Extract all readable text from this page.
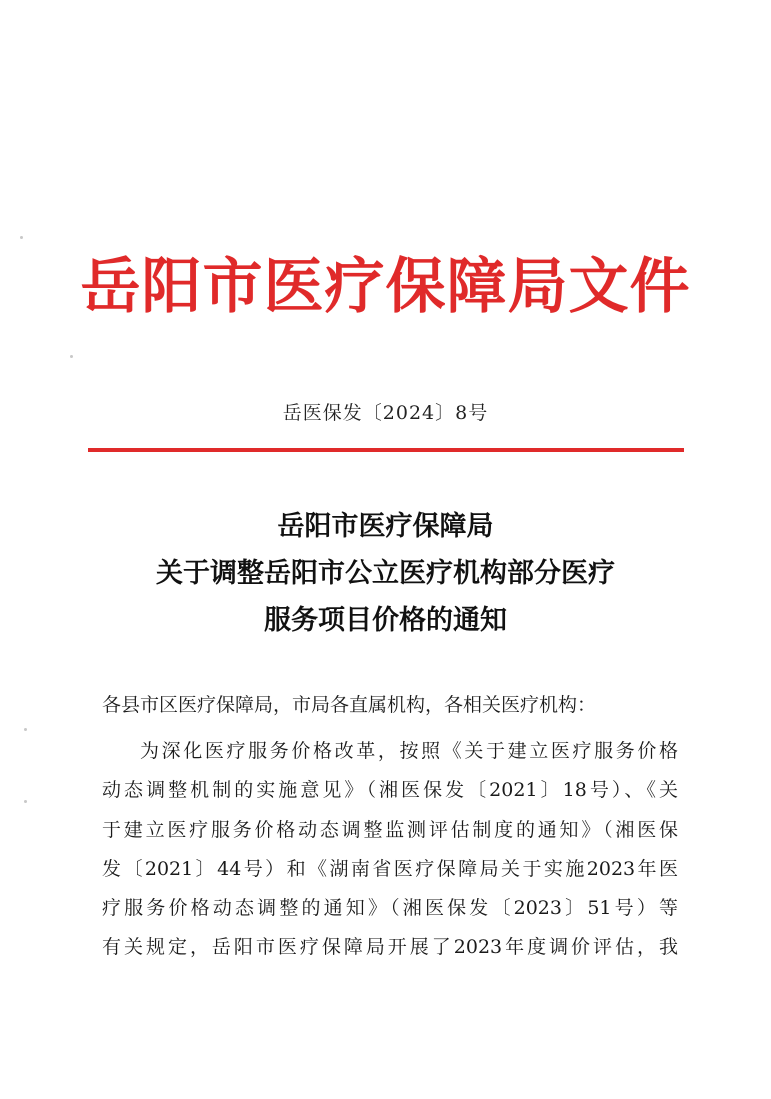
岳阳市医疗保障局文件
岳医保发〔2024〕8号
岳阳市医疗保障局
关于调整岳阳市公立医疗机构部分医疗
服务项目价格的通知
各县市区医疗保障局，市局各直属机构，各相关医疗机构：
为深化医疗服务价格改革，按照《关于建立医疗服务价格
动态调整机制的实施意见》（湘医保发〔2021〕18号）、《关
于建立医疗服务价格动态调整监测评估制度的通知》（湘医保
发〔2021〕44号）和《湖南省医疗保障局关于实施2023年医
疗服务价格动态调整的通知》（湘医保发〔2023〕51号）等
有关规定，岳阳市医疗保障局开展了2023年度调价评估，我
